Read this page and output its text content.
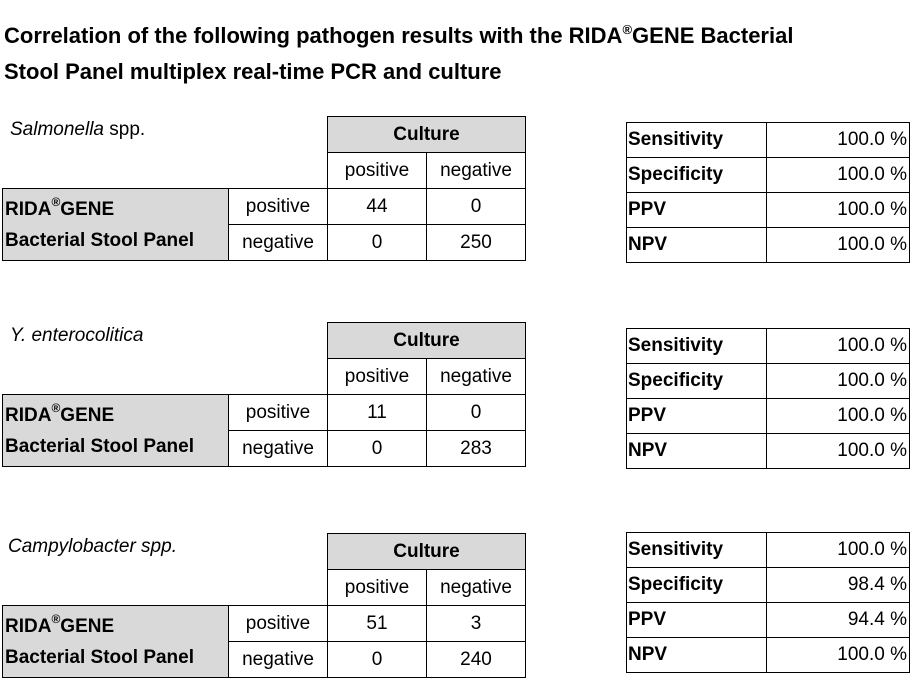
Correlation of the following pathogen results with the RIDA®GENE Bacterial
Stool Panel multiplex real-time PCR and culture
Salmonella spp.
			Culture	
		positive	negative
RIDA®GENE
Bacterial Stool Panel	positive	44	0
	negative	0	250
Sensitivity	100.0 %
Specificity	100.0 %
PPV	100.0 %
NPV	100.0 %
Y. enterocolitica
			Culture	
		positive	negative
RIDA®GENE
Bacterial Stool Panel	positive	11	0
	negative	0	283
Sensitivity	100.0 %
Specificity	100.0 %
PPV	100.0 %
NPV	100.0 %
Campylobacter spp.
			Culture	
		positive	negative
RIDA®GENE
Bacterial Stool Panel	positive	51	3
	negative	0	240
Sensitivity	100.0 %
Specificity	98.4 %
PPV	94.4 %
NPV	100.0 %
